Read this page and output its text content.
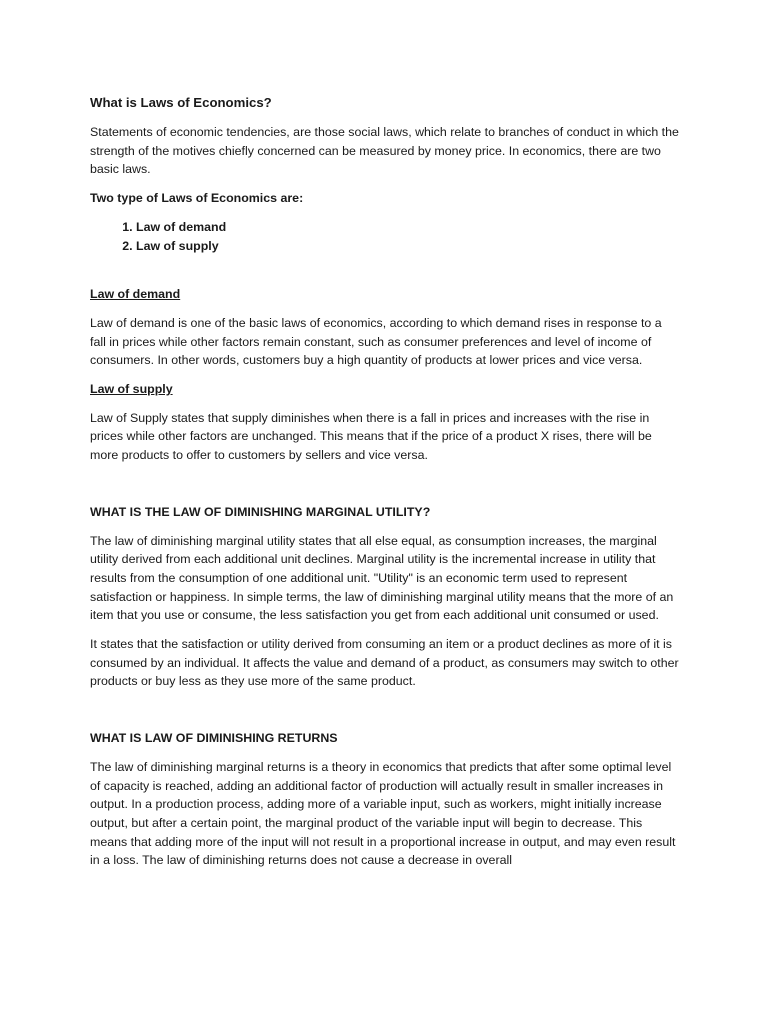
What is Laws of Economics?

Statements of economic tendencies, are those social laws, which relate to branches of conduct in which the strength of the motives chiefly concerned can be measured by money price. In economics, there are two basic laws.

Two type of Laws of Economics are:

1. Law of demand
2. Law of supply

Law of demand

Law of demand is one of the basic laws of economics, according to which demand rises in response to a fall in prices while other factors remain constant, such as consumer preferences and level of income of consumers. In other words, customers buy a high quantity of products at lower prices and vice versa.

Law of supply

Law of Supply states that supply diminishes when there is a fall in prices and increases with the rise in prices while other factors are unchanged. This means that if the price of a product X rises, there will be more products to offer to customers by sellers and vice versa.

WHAT IS THE LAW OF DIMINISHING MARGINAL UTILITY?

The law of diminishing marginal utility states that all else equal, as consumption increases, the marginal utility derived from each additional unit declines. Marginal utility is the incremental increase in utility that results from the consumption of one additional unit. "Utility" is an economic term used to represent satisfaction or happiness. In simple terms, the law of diminishing marginal utility means that the more of an item that you use or consume, the less satisfaction you get from each additional unit consumed or used.

It states that the satisfaction or utility derived from consuming an item or a product declines as more of it is consumed by an individual. It affects the value and demand of a product, as consumers may switch to other products or buy less as they use more of the same product.

WHAT IS LAW OF DIMINISHING RETURNS

The law of diminishing marginal returns is a theory in economics that predicts that after some optimal level of capacity is reached, adding an additional factor of production will actually result in smaller increases in output. In a production process, adding more of a variable input, such as workers, might initially increase output, but after a certain point, the marginal product of the variable input will begin to decrease. This means that adding more of the input will not result in a proportional increase in output, and may even result in a loss. The law of diminishing returns does not cause a decrease in overall
